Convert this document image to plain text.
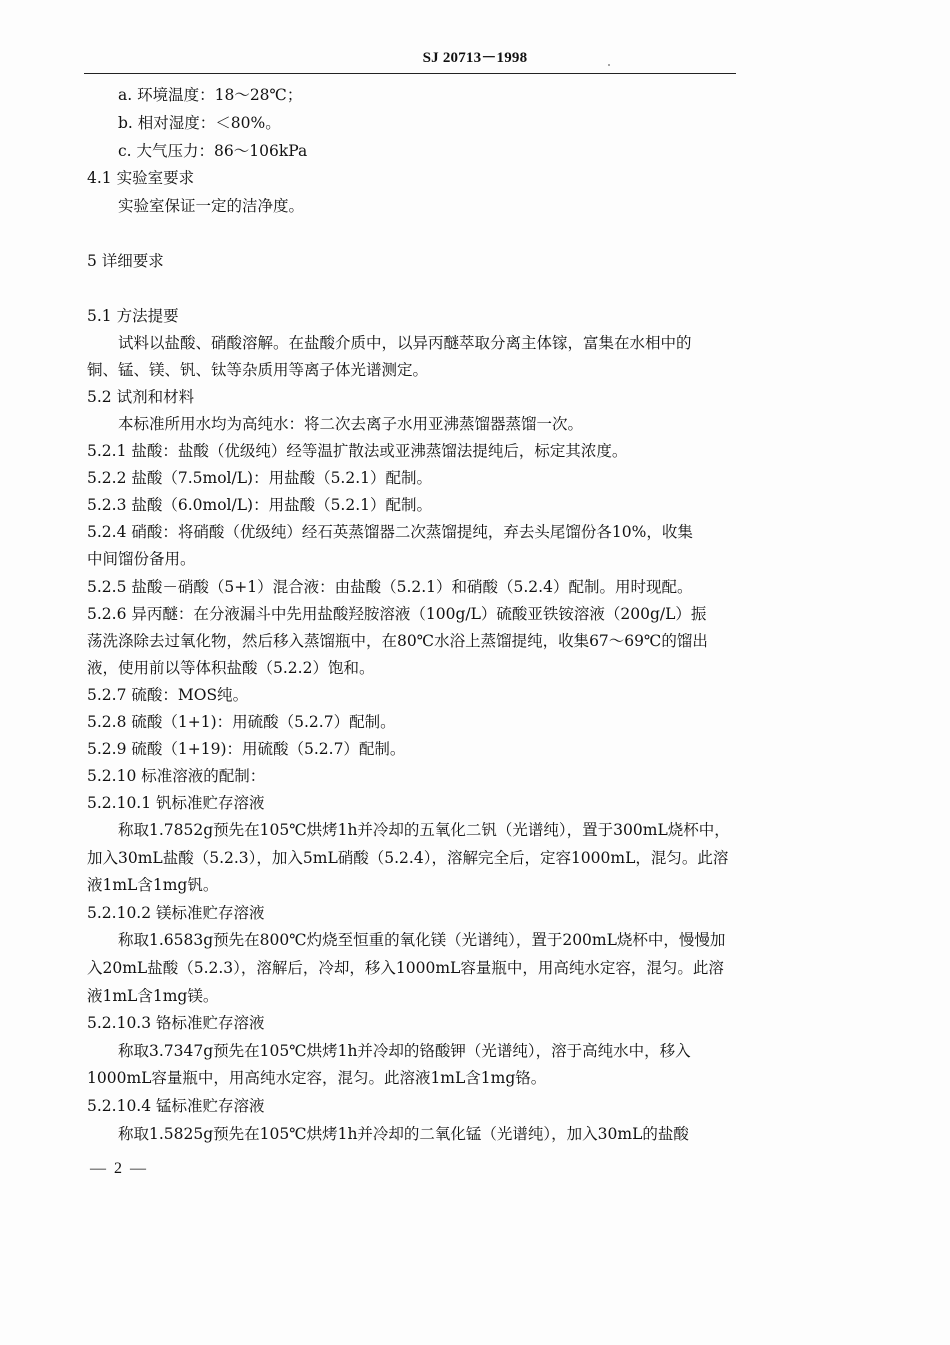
SJ 20713－1998
a. 环境温度：18～28℃；
b. 相对湿度：＜80%。
c. 大气压力：86～106kPa
4.1 实验室要求
实验室保证一定的洁净度。
5 详细要求
5.1 方法提要
试料以盐酸、硝酸溶解。在盐酸介质中，以异丙醚萃取分离主体镓，富集在水相中的
铜、锰、镁、钒、钛等杂质用等离子体光谱测定。
5.2 试剂和材料
本标准所用水均为高纯水：将二次去离子水用亚沸蒸馏器蒸馏一次。
5.2.1 盐酸：盐酸（优级纯）经等温扩散法或亚沸蒸馏法提纯后，标定其浓度。
5.2.2 盐酸（7.5mol/L)：用盐酸（5.2.1）配制。
5.2.3 盐酸（6.0mol/L)：用盐酸（5.2.1）配制。
5.2.4 硝酸：将硝酸（优级纯）经石英蒸馏器二次蒸馏提纯，弃去头尾馏份各10%，收集
中间馏份备用。
5.2.5 盐酸－硝酸（5+1）混合液：由盐酸（5.2.1）和硝酸（5.2.4）配制。用时现配。
5.2.6 异丙醚：在分液漏斗中先用盐酸羟胺溶液（100g/L）硫酸亚铁铵溶液（200g/L）振
荡洗涤除去过氧化物，然后移入蒸馏瓶中，在80℃水浴上蒸馏提纯，收集67～69℃的馏出
液，使用前以等体积盐酸（5.2.2）饱和。
5.2.7 硫酸：MOS纯。
5.2.8 硫酸（1+1)：用硫酸（5.2.7）配制。
5.2.9 硫酸（1+19)：用硫酸（5.2.7）配制。
5.2.10 标准溶液的配制：
5.2.10.1 钒标准贮存溶液
称取1.7852g预先在105℃烘烤1h并冷却的五氧化二钒（光谱纯），置于300mL烧杯中，
加入30mL盐酸（5.2.3），加入5mL硝酸（5.2.4），溶解完全后，定容1000mL，混匀。此溶
液1mL含1mg钒。
5.2.10.2 镁标准贮存溶液
称取1.6583g预先在800℃灼烧至恒重的氧化镁（光谱纯），置于200mL烧杯中，慢慢加
入20mL盐酸（5.2.3），溶解后，冷却，移入1000mL容量瓶中，用高纯水定容，混匀。此溶
液1mL含1mg镁。
5.2.10.3 铬标准贮存溶液
称取3.7347g预先在105℃烘烤1h并冷却的铬酸钾（光谱纯），溶于高纯水中，移入
1000mL容量瓶中，用高纯水定容，混匀。此溶液1mL含1mg铬。
5.2.10.4 锰标准贮存溶液
称取1.5825g预先在105℃烘烤1h并冷却的二氧化锰（光谱纯），加入30mL的盐酸
— 2 —
